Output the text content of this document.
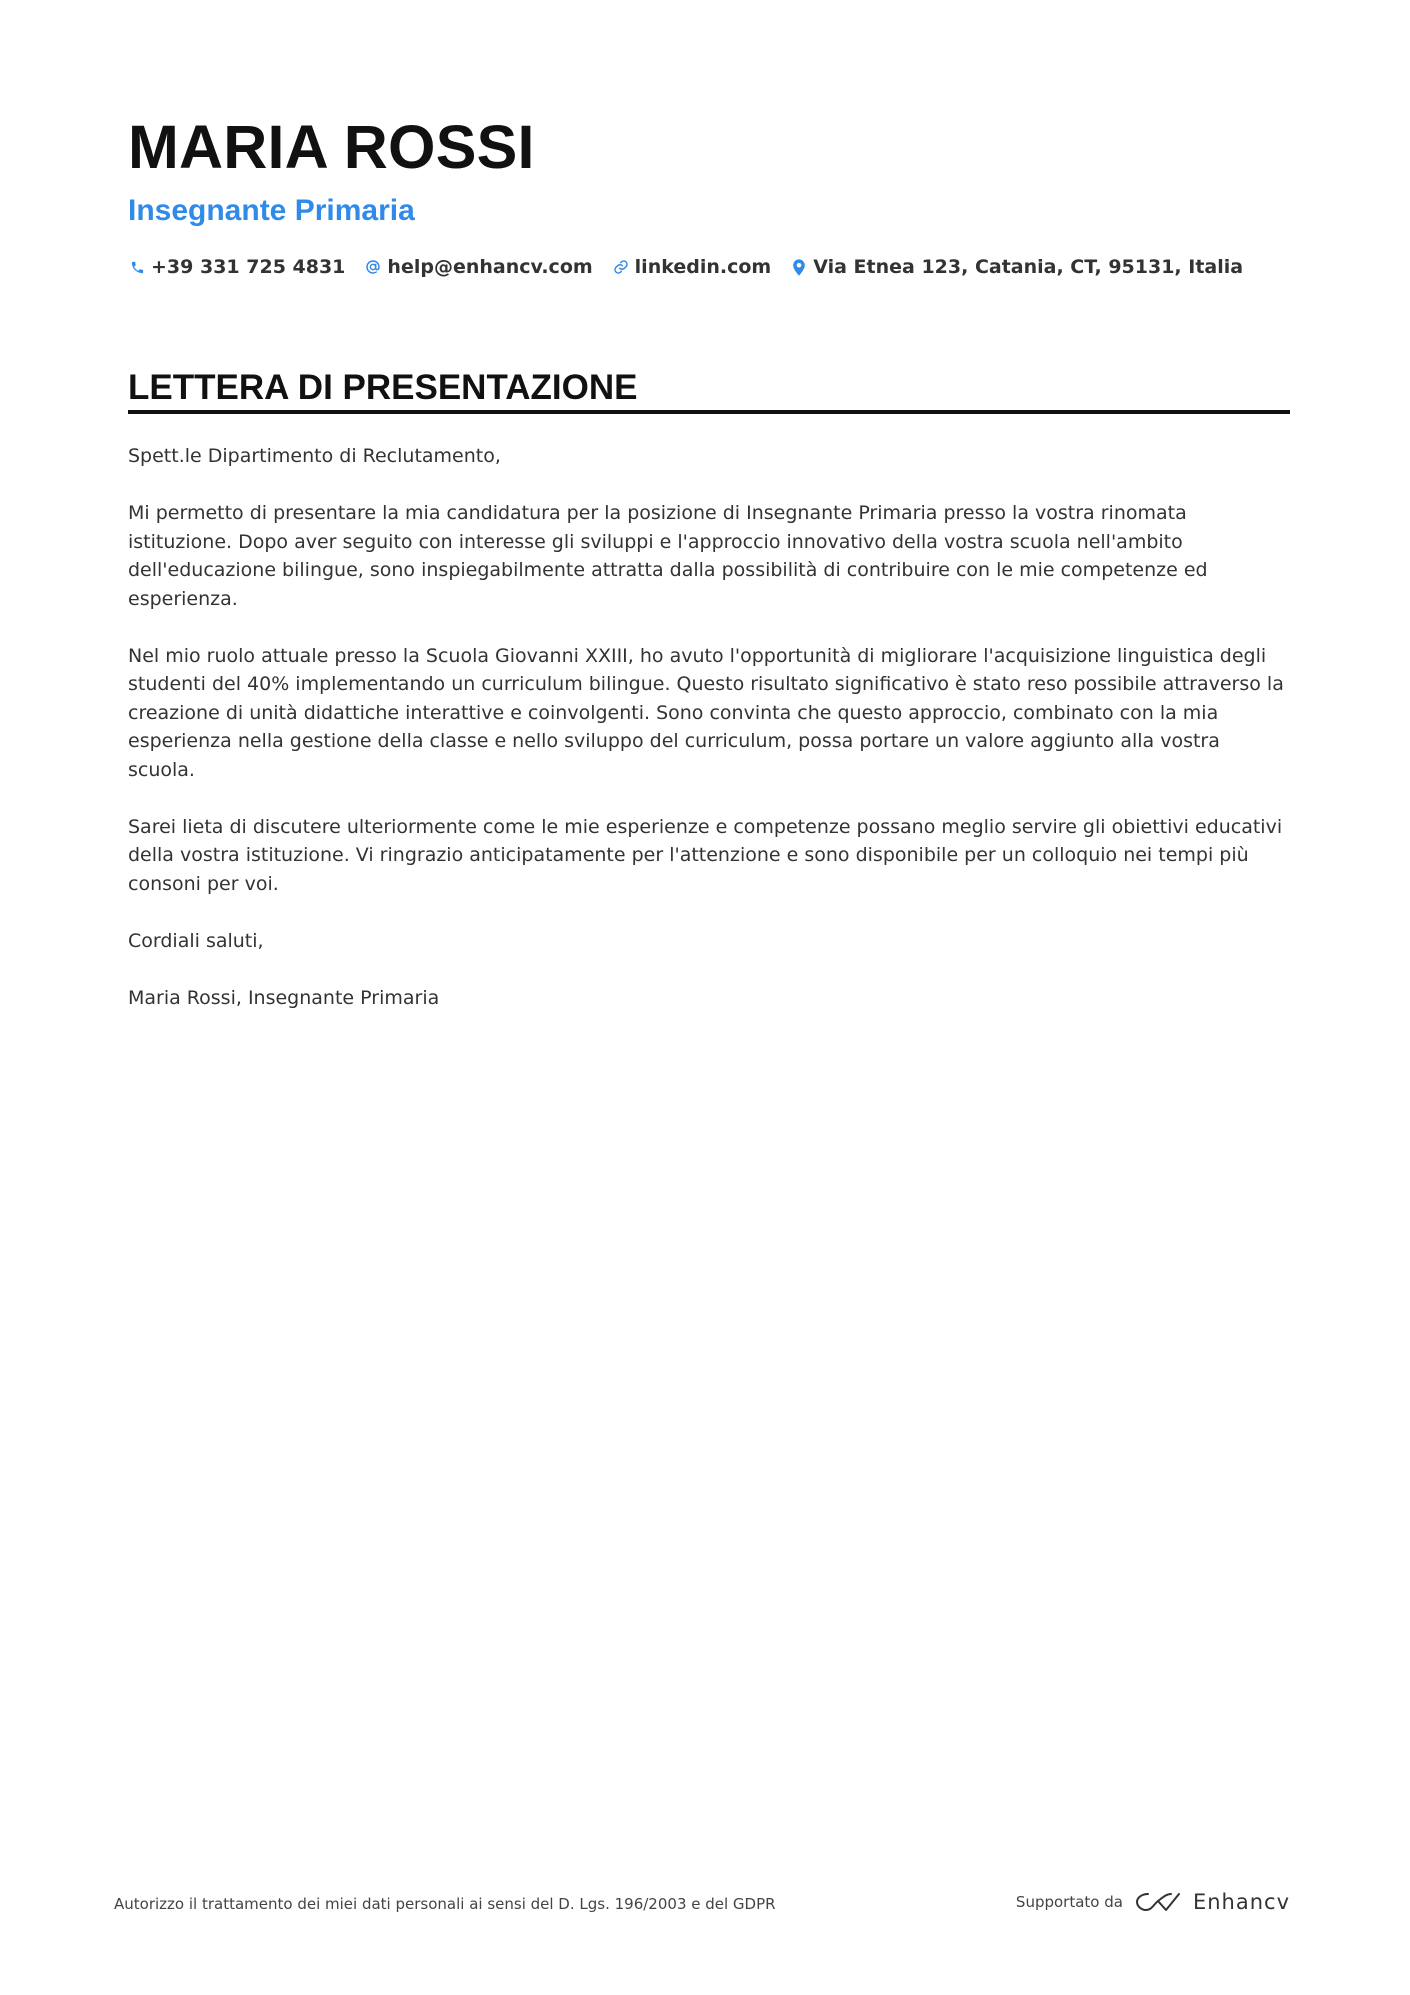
MARIA ROSSI
Insegnante Primaria
+39 331 725 4831 help@enhancv.com linkedin.com Via Etnea 123, Catania, CT, 95131, Italia
LETTERA DI PRESENTAZIONE

Spett.le Dipartimento di Reclutamento,

Mi permetto di presentare la mia candidatura per la posizione di Insegnante Primaria presso la vostra rinomata istituzione. Dopo aver seguito con interesse gli sviluppi e l'approccio innovativo della vostra scuola nell'ambito dell'educazione bilingue, sono inspiegabilmente attratta dalla possibilità di contribuire con le mie competenze ed esperienza.

Nel mio ruolo attuale presso la Scuola Giovanni XXIII, ho avuto l'opportunità di migliorare l'acquisizione linguistica degli studenti del 40% implementando un curriculum bilingue. Questo risultato significativo è stato reso possibile attraverso la creazione di unità didattiche interattive e coinvolgenti. Sono convinta che questo approccio, combinato con la mia esperienza nella gestione della classe e nello sviluppo del curriculum, possa portare un valore aggiunto alla vostra scuola.

Sarei lieta di discutere ulteriormente come le mie esperienze e competenze possano meglio servire gli obiettivi educativi della vostra istituzione. Vi ringrazio anticipatamente per l'attenzione e sono disponibile per un colloquio nei tempi più consoni per voi.

Cordiali saluti,

Maria Rossi, Insegnante Primaria

Autorizzo il trattamento dei miei dati personali ai sensi del D. Lgs. 196/2003 e del GDPR	Supportato da	Enhancv
